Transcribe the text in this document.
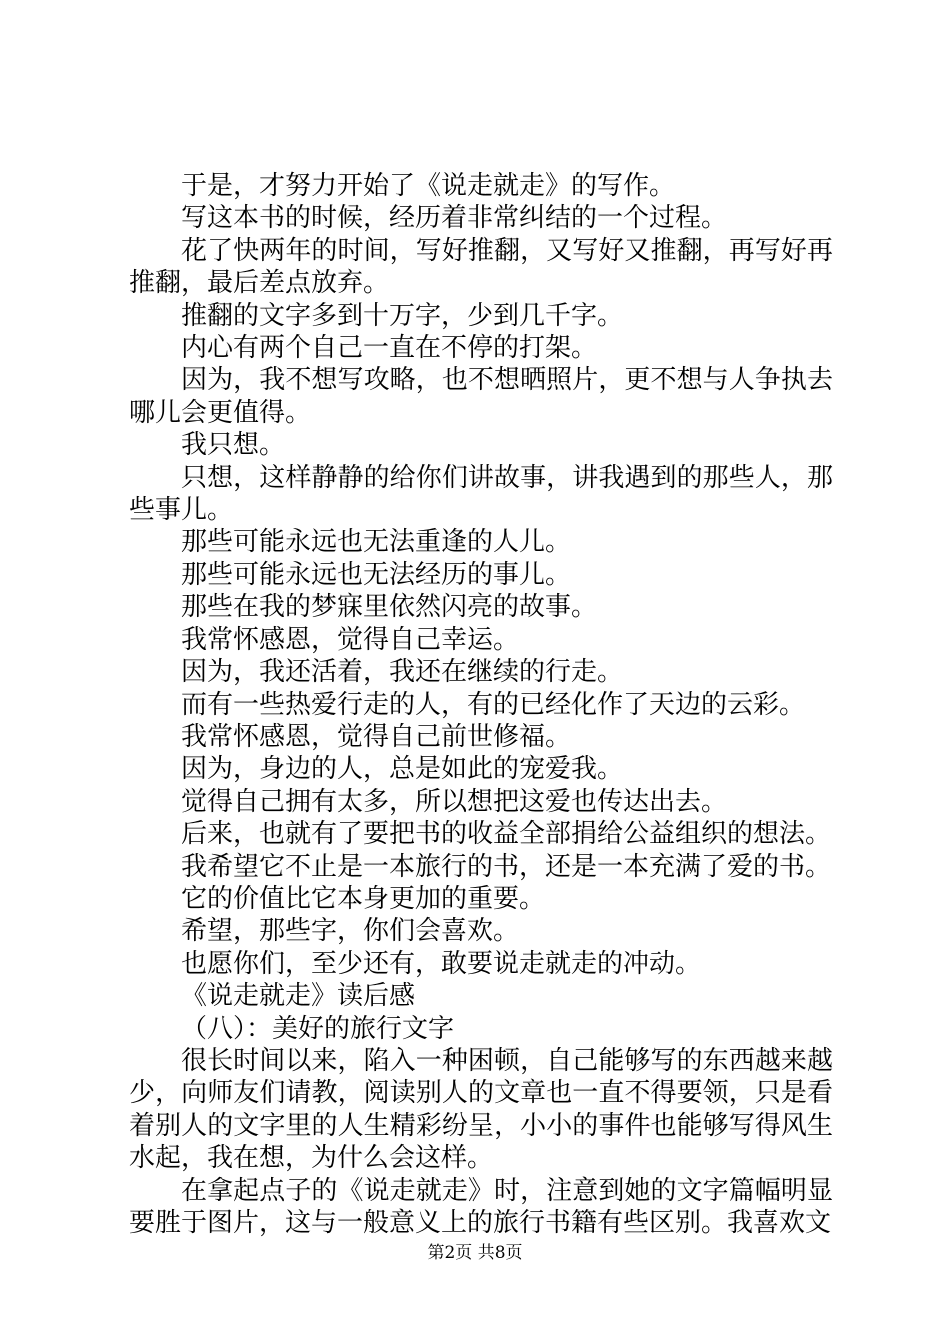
于是，才努力开始了《说走就走》的写作。

写这本书的时候，经历着非常纠结的一个过程。

花了快两年的时间，写好推翻，又写好又推翻，再写好再推翻，最后差点放弃。

推翻的文字多到十万字，少到几千字。

内心有两个自己一直在不停的打架。

因为，我不想写攻略，也不想晒照片，更不想与人争执去哪儿会更值得。

我只想。

只想，这样静静的给你们讲故事，讲我遇到的那些人，那些事儿。

那些可能永远也无法重逢的人儿。

那些可能永远也无法经历的事儿。

那些在我的梦寐里依然闪亮的故事。

我常怀感恩，觉得自己幸运。

因为，我还活着，我还在继续的行走。

而有一些热爱行走的人，有的已经化作了天边的云彩。

我常怀感恩，觉得自己前世修福。

因为，身边的人，总是如此的宠爱我。

觉得自己拥有太多，所以想把这爱也传达出去。

后来，也就有了要把书的收益全部捐给公益组织的想法。

我希望它不止是一本旅行的书，还是一本充满了爱的书。

它的价值比它本身更加的重要。

希望，那些字，你们会喜欢。

也愿你们，至少还有，敢要说走就走的冲动。

《说走就走》读后感

（八）：美好的旅行文字

很长时间以来，陷入一种困顿，自己能够写的东西越来越少，向师友们请教，阅读别人的文章也一直不得要领，只是看着别人的文字里的人生精彩纷呈，小小的事件也能够写得风生水起，我在想，为什么会这样。

在拿起点子的《说走就走》时，注意到她的文字篇幅明显要胜于图片，这与一般意义上的旅行书籍有些区别。我喜欢文

第2页 共8页
